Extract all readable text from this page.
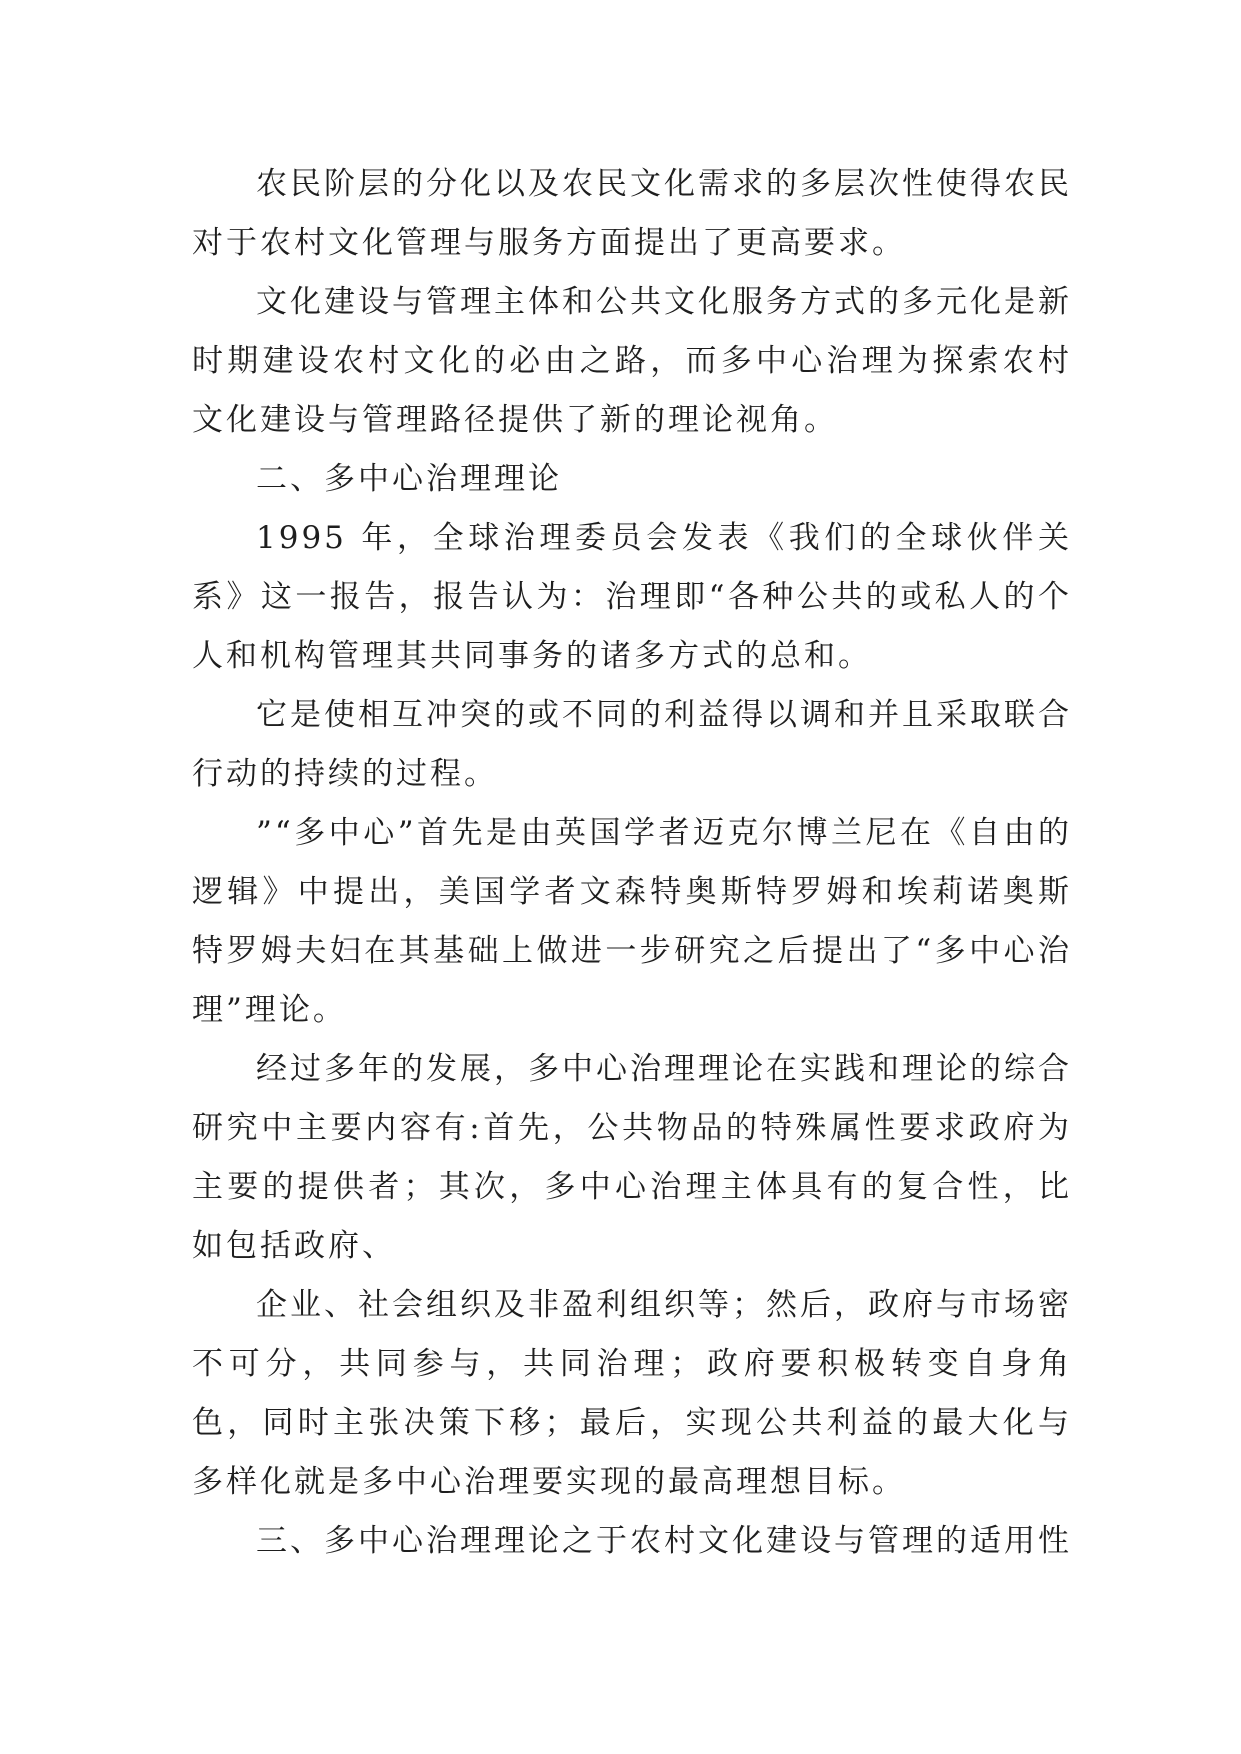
农民阶层的分化以及农民文化需求的多层次性使得农民对于农村文化管理与服务方面提出了更高要求。

文化建设与管理主体和公共文化服务方式的多元化是新时期建设农村文化的必由之路，而多中心治理为探索农村文化建设与管理路径提供了新的理论视角。

二、多中心治理理论

1995 年，全球治理委员会发表《我们的全球伙伴关系》这一报告，报告认为：治理即“各种公共的或私人的个人和机构管理其共同事务的诸多方式的总和。

它是使相互冲突的或不同的利益得以调和并且采取联合行动的持续的过程。

”“多中心”首先是由英国学者迈克尔博兰尼在《自由的逻辑》中提出，美国学者文森特奥斯特罗姆和埃莉诺奥斯特罗姆夫妇在其基础上做进一步研究之后提出了“多中心治理”理论。

经过多年的发展，多中心治理理论在实践和理论的综合研究中主要内容有:首先，公共物品的特殊属性要求政府为主要的提供者；其次，多中心治理主体具有的复合性，比如包括政府、

企业、社会组织及非盈利组织等；然后，政府与市场密不可分，共同参与，共同治理；政府要积极转变自身角色，同时主张决策下移；最后，实现公共利益的最大化与多样化就是多中心治理要实现的最高理想目标。

三、多中心治理理论之于农村文化建设与管理的适用性
